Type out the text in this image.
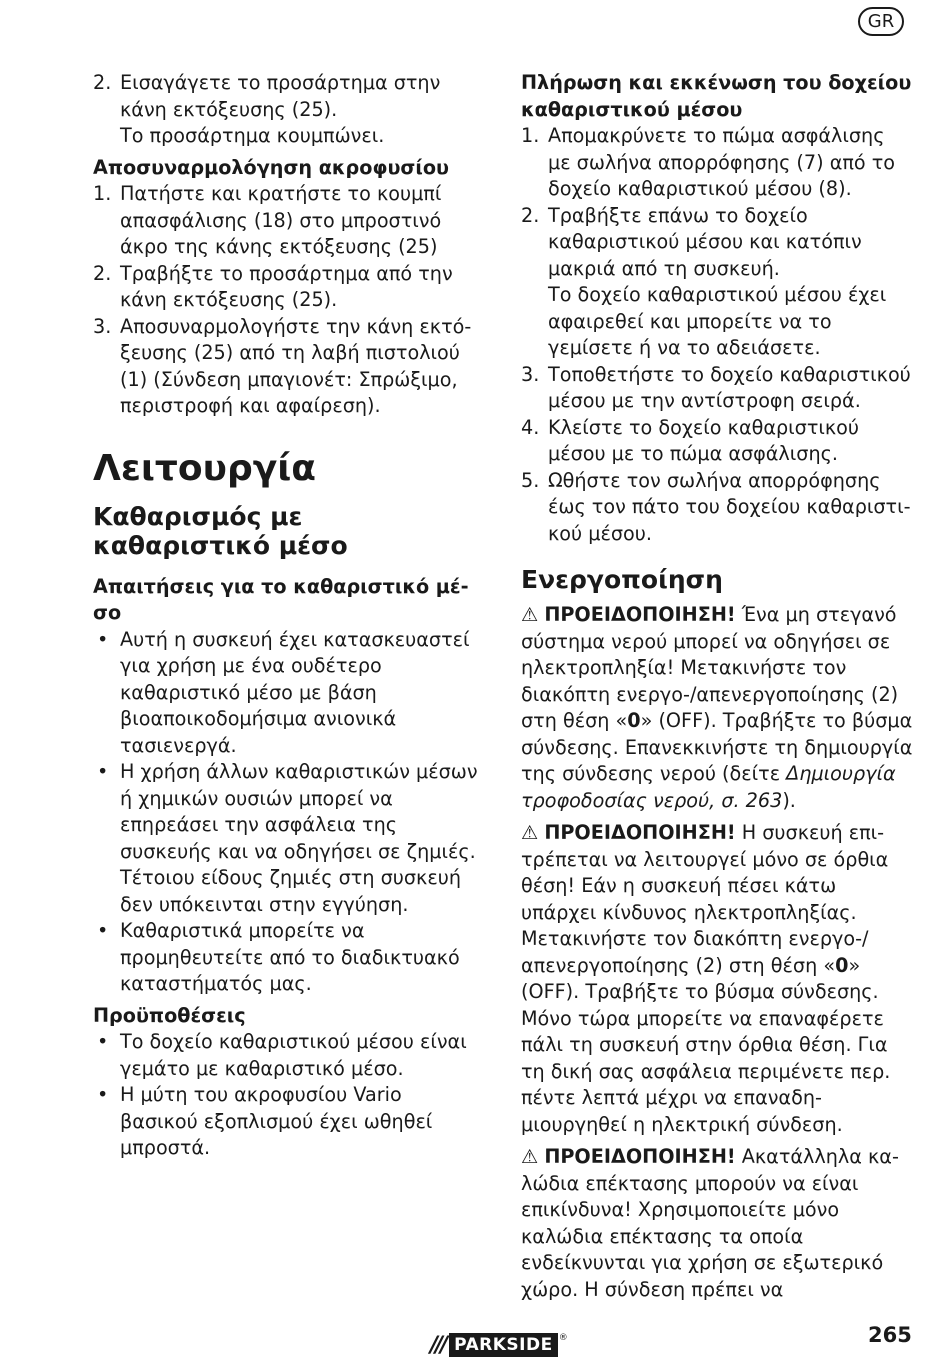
GR
2. Εισαγάγετε το προσάρτημα στην κάνη εκτόξευσης (25).

Το προσάρτημα κουμπώνει.

Αποσυναρμολόγηση ακροφυσίου
1. Πατήστε και κρατήστε το κουμπί απασφάλισης (18) στο μπροστινό άκρο της κάνης εκτόξευσης (25)
2. Τραβήξτε το προσάρτημα από την κάνη εκτόξευσης (25).
3. Αποσυναρμολογήστε την κάνη εκτόξευσης (25) από τη λαβή πιστολιού (1) (Σύνδεση μπαγιονέτ: Σπρώξιμο, περιστροφή και αφαίρεση).
Λειτουργία
Καθαρισμός με καθαριστικό μέσο
Απαιτήσεις για το καθαριστικό μέσο
• Αυτή η συσκευή έχει κατασκευαστεί για χρήση με ένα ουδέτερο καθαριστικό μέσο με βάση βιοαποικοδομήσιμα ανιονικά τασιενεργά.
• Η χρήση άλλων καθαριστικών μέσων ή χημικών ουσιών μπορεί να επηρεάσει την ασφάλεια της συσκευής και να οδηγήσει σε ζημιές. Τέτοιου είδους ζημιές στη συσκευή δεν υπόκεινται στην εγγύηση.
• Καθαριστικά μπορείτε να προμηθευτείτε από το διαδικτυακό καταστήματός μας.
Προϋποθέσεις
• Το δοχείο καθαριστικού μέσου είναι γεμάτο με καθαριστικό μέσο.
• Η μύτη του ακροφυσίου Vario βασικού εξοπλισμού έχει ωθηθεί μπροστά.
Πλήρωση και εκκένωση του δοχείου καθαριστικού μέσου
1. Απομακρύνετε το πώμα ασφάλισης με σωλήνα απορρόφησης (7) από το δοχείο καθαριστικού μέσου (8).
2. Τραβήξτε επάνω το δοχείο καθαριστικού μέσου και κατόπιν μακριά από τη συσκευή.

Το δοχείο καθαριστικού μέσου έχει αφαιρεθεί και μπορείτε να το γεμίσετε ή να το αδειάσετε.

3. Τοποθετήστε το δοχείο καθαριστικού μέσου με την αντίστροφη σειρά.
4. Κλείστε το δοχείο καθαριστικού μέσου με το πώμα ασφάλισης.
5. Ωθήστε τον σωλήνα απορρόφησης έως τον πάτο του δοχείου καθαριστικού μέσου.
Ενεργοποίηση

⚠ ΠΡΟΕΙΔΟΠΟΙΗΣΗ! Ένα μη στεγανό σύστημα νερού μπορεί να οδηγήσει σε ηλεκτροπληξία! Μετακινήστε τον διακόπτη ενεργο-/απενεργοποίησης (2) στη θέση «0» (OFF). Τραβήξτε το βύσμα σύνδεσης. Επανεκκινήστε τη δημιουργία της σύνδεσης νερού (δείτε Δημιουργία τροφοδοσίας νερού, σ. 263).

⚠ ΠΡΟΕΙΔΟΠΟΙΗΣΗ! Η συσκευή επιτρέπεται να λειτουργεί μόνο σε όρθια θέση! Εάν η συσκευή πέσει κάτω υπάρχει κίνδυνος ηλεκτροπληξίας. Μετακινήστε τον διακόπτη ενεργο-/απενεργοποίησης (2) στη θέση «0» (OFF). Τραβήξτε το βύσμα σύνδεσης. Μόνο τώρα μπορείτε να επαναφέρετε πάλι τη συσκευή στην όρθια θέση. Για τη δική σας ασφάλεια περιμένετε περ. πέντε λεπτά μέχρι να επαναδημιουργηθεί η ηλεκτρική σύνδεση.

⚠ ΠΡΟΕΙΔΟΠΟΙΗΣΗ! Ακατάλληλα καλώδια επέκτασης μπορούν να είναι επικίνδυνα! Χρησιμοποιείτε μόνο καλώδια επέκτασης τα οποία ενδείκνυνται για χρήση σε εξωτερικό χώρο. Η σύνδεση πρέπει να

/// PARKSIDE ®	265
